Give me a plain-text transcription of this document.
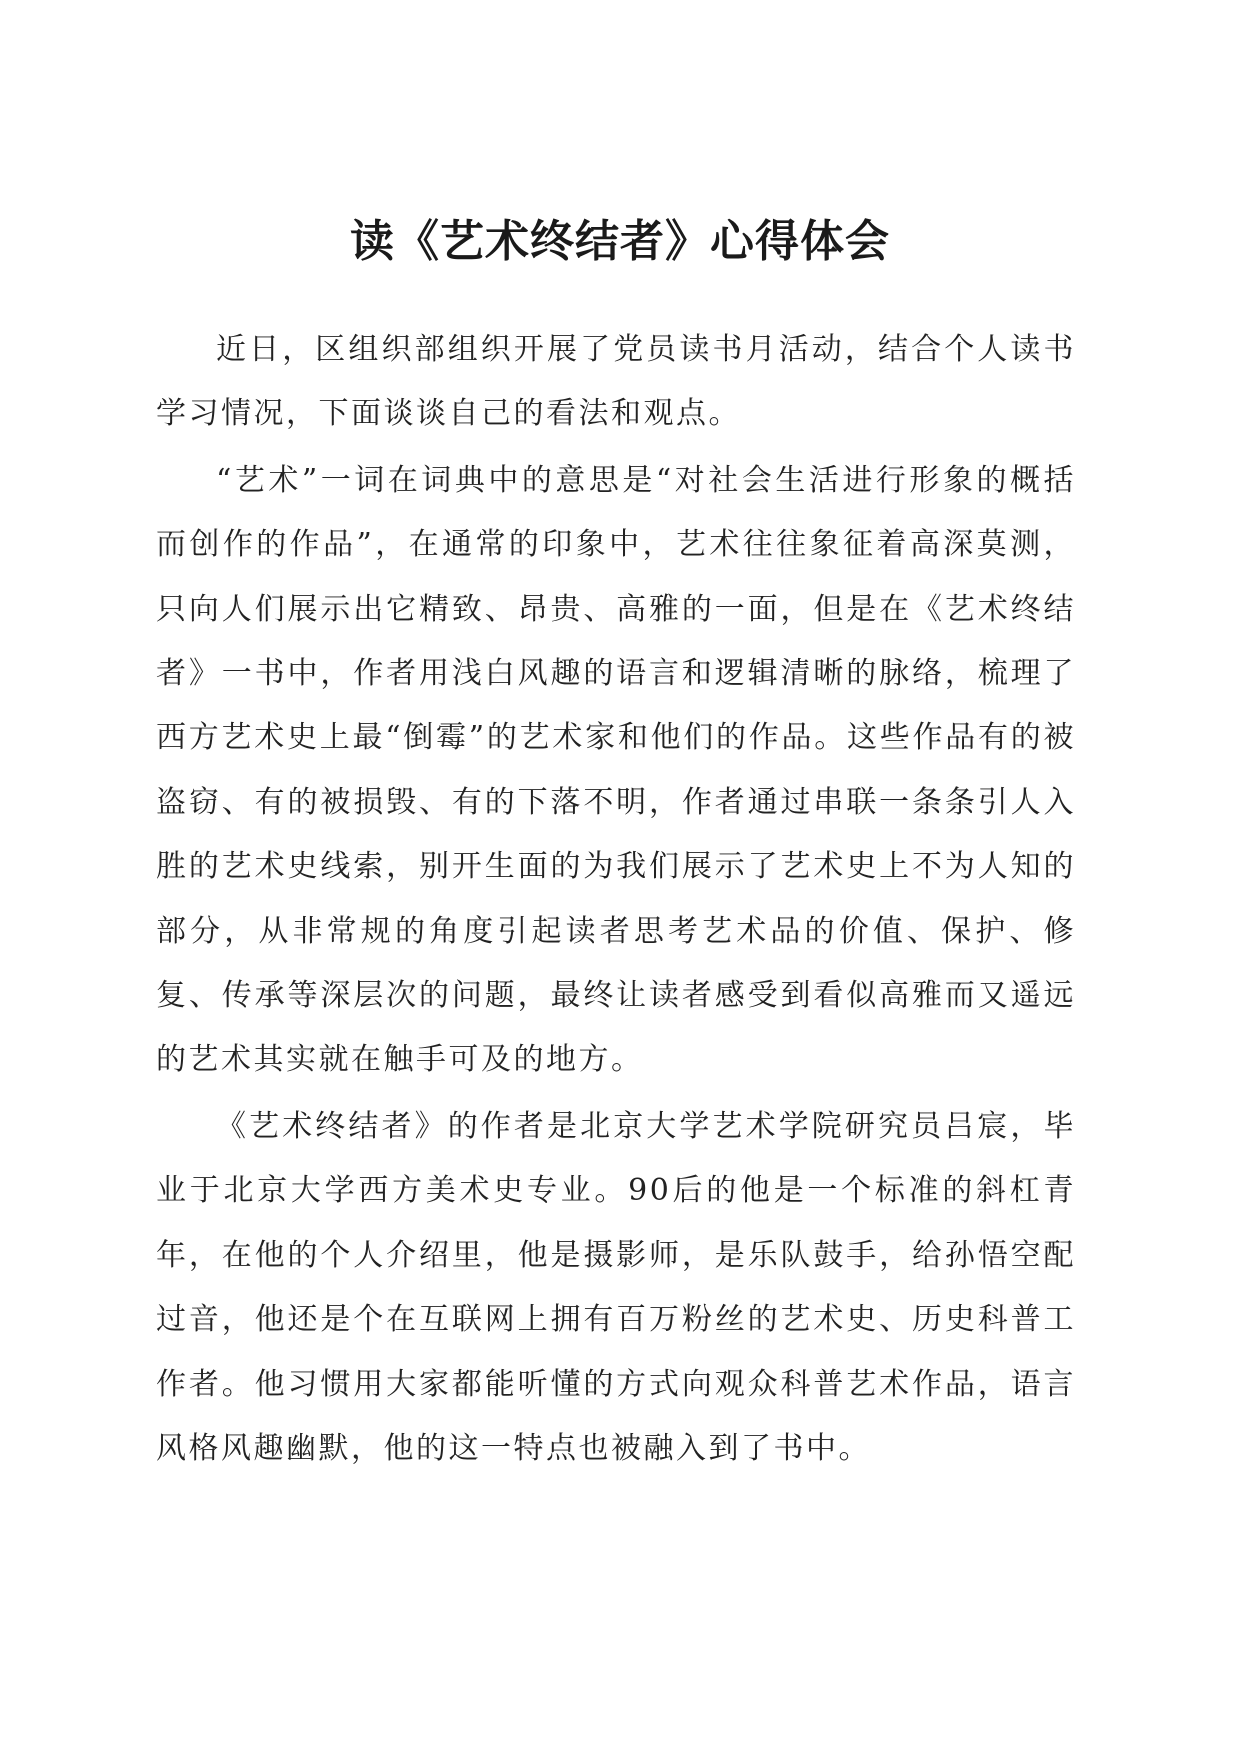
读《艺术终结者》心得体会

近日，区组织部组织开展了党员读书月活动，结合个人读书学习情况，下面谈谈自己的看法和观点。

“艺术”一词在词典中的意思是“对社会生活进行形象的概括而创作的作品”，在通常的印象中，艺术往往象征着高深莫测，只向人们展示出它精致、昂贵、高雅的一面，但是在《艺术终结者》一书中，作者用浅白风趣的语言和逻辑清晰的脉络，梳理了西方艺术史上最“倒霉”的艺术家和他们的作品。这些作品有的被盗窃、有的被损毁、有的下落不明，作者通过串联一条条引人入胜的艺术史线索，别开生面的为我们展示了艺术史上不为人知的部分，从非常规的角度引起读者思考艺术品的价值、保护、修复、传承等深层次的问题，最终让读者感受到看似高雅而又遥远的艺术其实就在触手可及的地方。

《艺术终结者》的作者是北京大学艺术学院研究员吕宸，毕业于北京大学西方美术史专业。90后的他是一个标准的斜杠青年，在他的个人介绍里，他是摄影师，是乐队鼓手，给孙悟空配过音，他还是个在互联网上拥有百万粉丝的艺术史、历史科普工作者。他习惯用大家都能听懂的方式向观众科普艺术作品，语言风格风趣幽默，他的这一特点也被融入到了书中。
